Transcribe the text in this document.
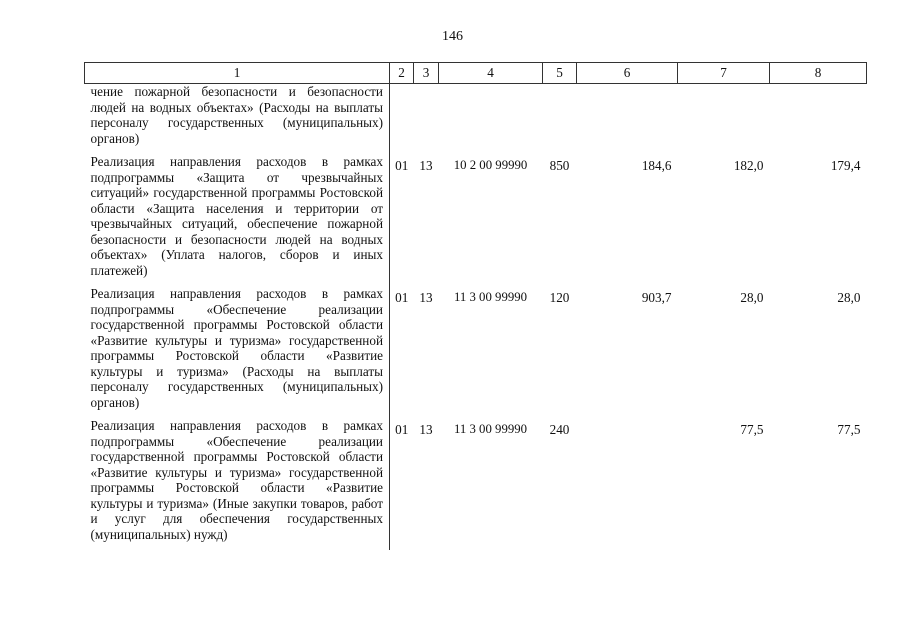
146
1	2	3	4	5	6	7	8
чение пожарной безопасности и безопасности людей на водных объектах» (Расходы на выплаты персоналу государственных (муниципальных) органов)							
Реализация направления расходов в рамках подпрограммы «Защита от чрезвычайных ситуаций» государственной программы Ростовской области «Защита населения и территории от чрезвычайных ситуаций, обеспечение пожарной безопасности и безопасности людей на водных объектах» (Уплата налогов, сборов и иных платежей)	01	13	10 2 00 99990	850	184,6	182,0	179,4
Реализация направления расходов в рамках подпрограммы «Обеспечение реализации государственной программы Ростовской области «Развитие культуры и туризма» государственной программы Ростовской области «Развитие культуры и туризма» (Расходы на выплаты персоналу государственных (муниципальных) органов)	01	13	11 3 00 99990	120	903,7	28,0	28,0
Реализация направления расходов в рамках подпрограммы «Обеспечение реализации государственной программы Ростовской области «Развитие культуры и туризма» государственной программы Ростовской области «Развитие культуры и туризма» (Иные закупки товаров, работ и услуг для обеспечения государственных (муниципальных) нужд)	01	13	11 3 00 99990	240		77,5	77,5
